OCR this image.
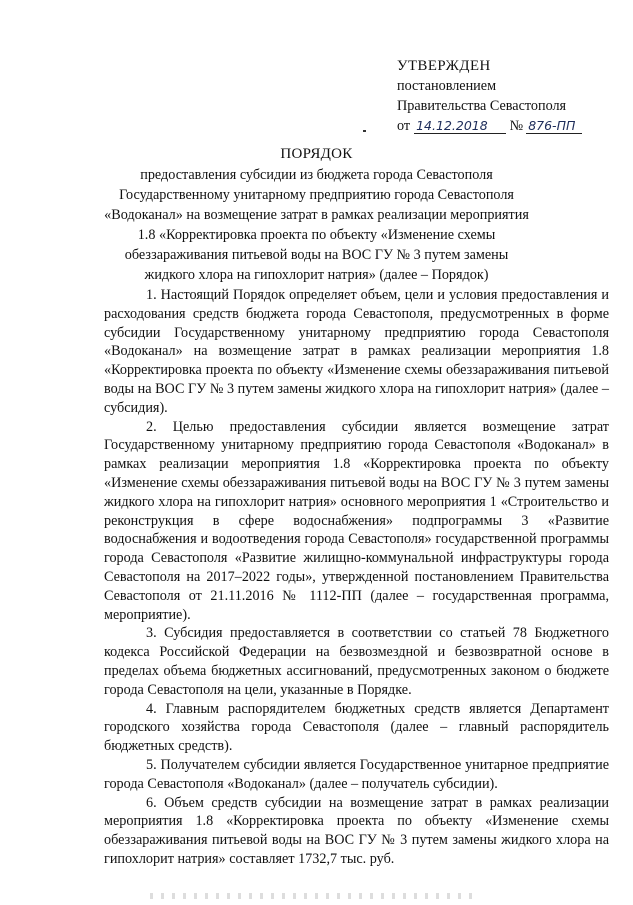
УТВЕРЖДЕН
постановлением
Правительства Севастополя
от 14.12.2018 № 876-ПП
ПОРЯДОК
предоставления субсидии из бюджета города Севастополя Государственному унитарному предприятию города Севастополя «Водоканал» на возмещение затрат в рамках реализации мероприятия 1.8 «Корректировка проекта по объекту «Изменение схемы обеззараживания питьевой воды на ВОС ГУ № 3 путем замены жидкого хлора на гипохлорит натрия» (далее – Порядок)

1. Настоящий Порядок определяет объем, цели и условия предоставления и расходования средств бюджета города Севастополя, предусмотренных в форме субсидии Государственному унитарному предприятию города Севастополя «Водоканал» на возмещение затрат в рамках реализации мероприятия 1.8 «Корректировка проекта по объекту «Изменение схемы обеззараживания питьевой воды на ВОС ГУ № 3 путем замены жидкого хлора на гипохлорит натрия» (далее – субсидия).

2. Целью предоставления субсидии является возмещение затрат Государственному унитарному предприятию города Севастополя «Водоканал» в рамках реализации мероприятия 1.8 «Корректировка проекта по объекту «Изменение схемы обеззараживания питьевой воды на ВОС ГУ № 3 путем замены жидкого хлора на гипохлорит натрия» основного мероприятия 1 «Строительство и реконструкция в сфере водоснабжения» подпрограммы 3 «Развитие водоснабжения и водоотведения города Севастополя» государственной программы города Севастополя «Развитие жилищно-коммунальной инфраструктуры города Севастополя на 2017–2022 годы», утвержденной постановлением Правительства Севастополя от 21.11.2016 № 1112-ПП (далее – государственная программа, мероприятие).

3. Субсидия предоставляется в соответствии со статьей 78 Бюджетного кодекса Российской Федерации на безвозмездной и безвозвратной основе в пределах объема бюджетных ассигнований, предусмотренных законом о бюджете города Севастополя на цели, указанные в Порядке.

4. Главным распорядителем бюджетных средств является Департамент городского хозяйства города Севастополя (далее – главный распорядитель бюджетных средств).

5. Получателем субсидии является Государственное унитарное предприятие города Севастополя «Водоканал» (далее – получатель субсидии).

6. Объем средств субсидии на возмещение затрат в рамках реализации мероприятия 1.8 «Корректировка проекта по объекту «Изменение схемы обеззараживания питьевой воды на ВОС ГУ № 3 путем замены жидкого хлора на гипохлорит натрия» составляет 1732,7 тыс. руб.
